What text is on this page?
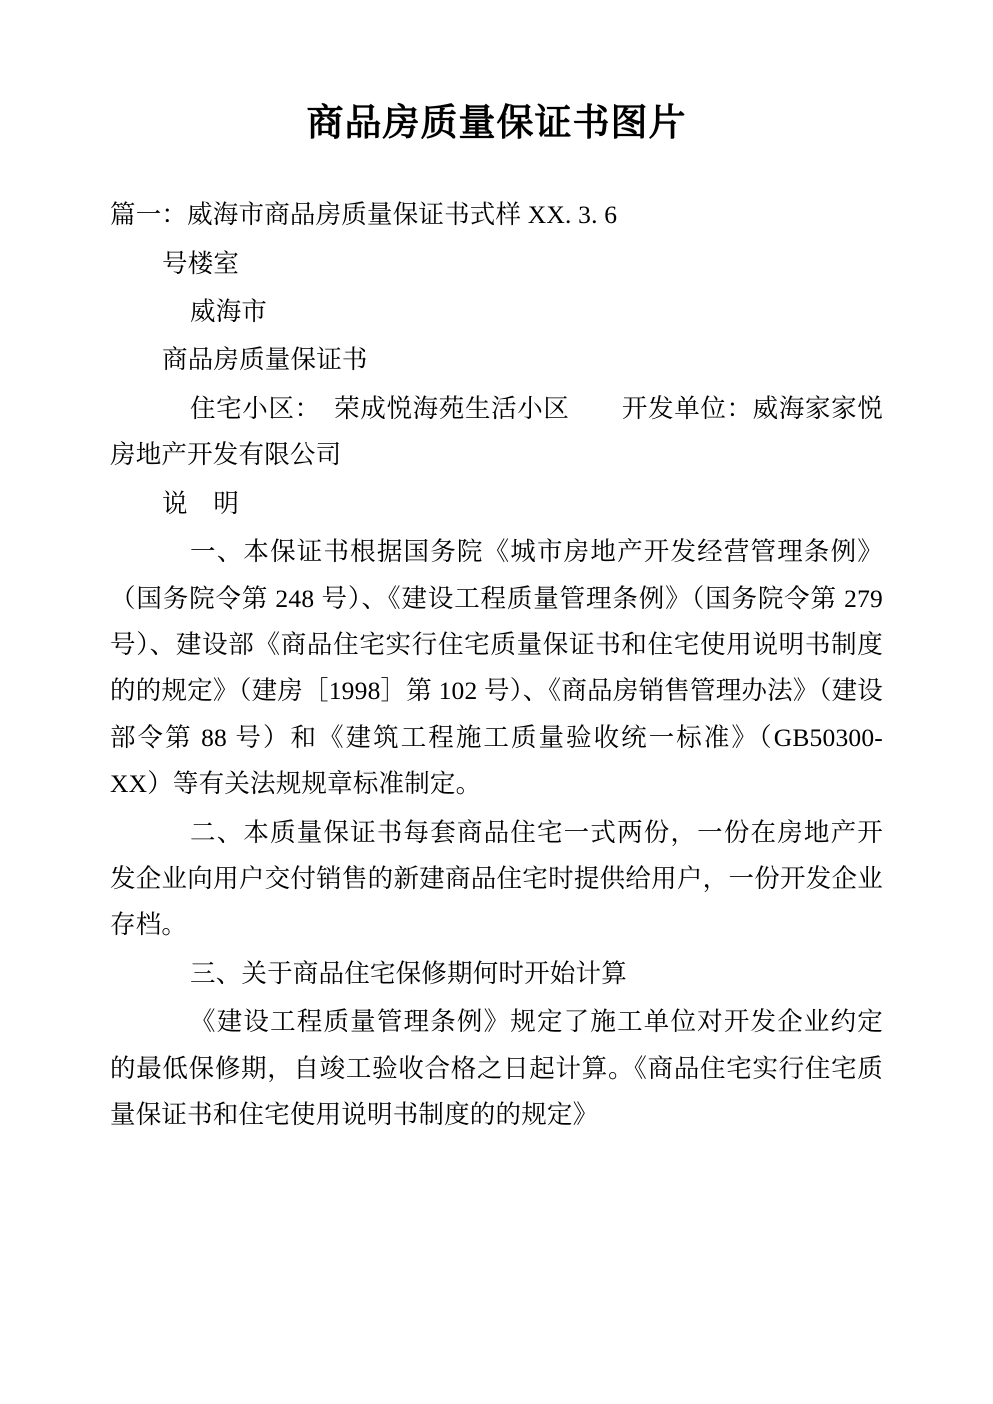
商品房质量保证书图片

篇一：威海市商品房质量保证书式样 XX. 3. 6

号楼室

威海市

商品房质量保证书

住宅小区：　荣成悦海苑生活小区　　开发单位：威海家家悦房地产开发有限公司

说　明

一、本保证书根据国务院《城市房地产开发经营管理条例》（国务院令第 248 号）、《建设工程质量管理条例》（国务院令第 279 号）、建设部《商品住宅实行住宅质量保证书和住宅使用说明书制度的的规定》（建房［1998］第 102 号）、《商品房销售管理办法》（建设部令第 88 号）和《建筑工程施工质量验收统一标准》（GB50300-XX）等有关法规规章标准制定。

二、本质量保证书每套商品住宅一式两份，一份在房地产开发企业向用户交付销售的新建商品住宅时提供给用户，一份开发企业存档。

三、关于商品住宅保修期何时开始计算

《建设工程质量管理条例》规定了施工单位对开发企业约定的最低保修期，自竣工验收合格之日起计算。《商品住宅实行住宅质量保证书和住宅使用说明书制度的的规定》
